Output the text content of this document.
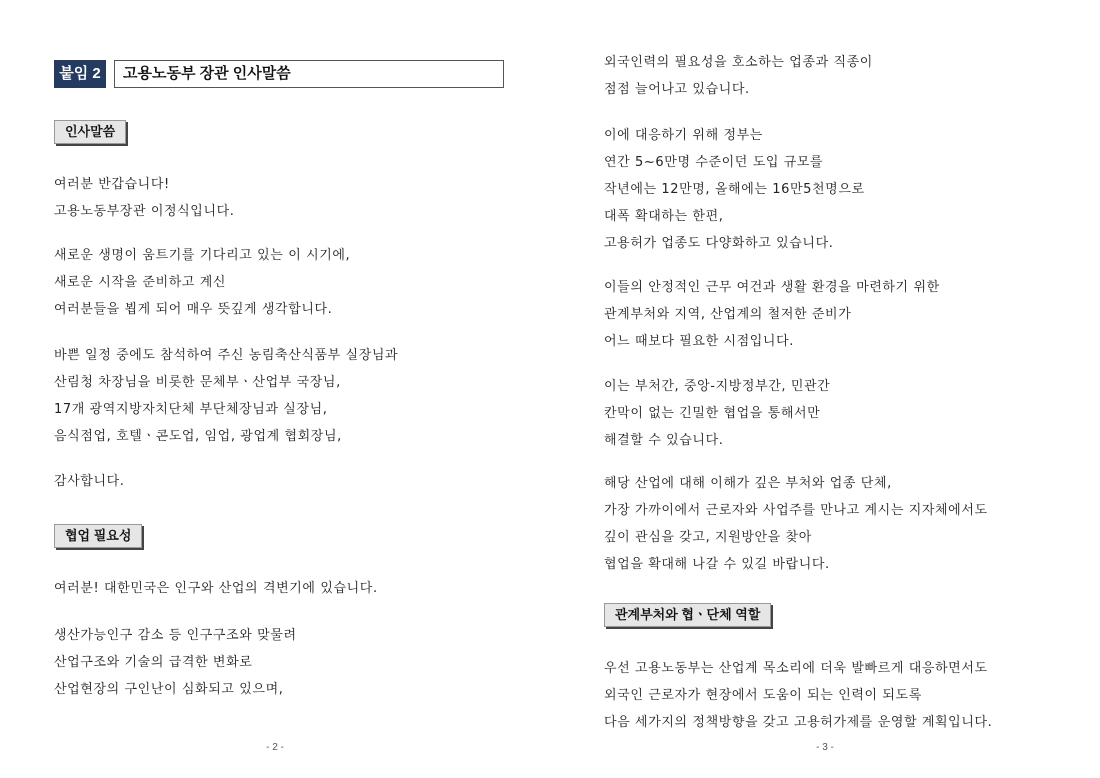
붙임 2	고용노동부 장관 인사말씀
인사말씀
여러분 반갑습니다!
고용노동부장관 이정식입니다.
새로운 생명이 움트기를 기다리고 있는 이 시기에,
새로운 시작을 준비하고 계신
여러분들을 뵙게 되어 매우 뜻깊게 생각합니다.
바쁜 일정 중에도 참석하여 주신 농림축산식품부 실장님과
산림청 차장님을 비롯한 문체부ㆍ산업부 국장님,
17개 광역지방자치단체 부단체장님과 실장님,
음식점업, 호텔ㆍ콘도업, 임업, 광업계 협회장님,
감사합니다.
협업 필요성
여러분! 대한민국은 인구와 산업의 격변기에 있습니다.
생산가능인구 감소 등 인구구조와 맞물려
산업구조와 기술의 급격한 변화로
산업현장의 구인난이 심화되고 있으며,
- 2 -
외국인력의 필요성을 호소하는 업종과 직종이
점점 늘어나고 있습니다.
이에 대응하기 위해 정부는
연간 5~6만명 수준이던 도입 규모를
작년에는 12만명, 올해에는 16만5천명으로
대폭 확대하는 한편,
고용허가 업종도 다양화하고 있습니다.
이들의 안정적인 근무 여건과 생활 환경을 마련하기 위한
관계부처와 지역, 산업계의 철저한 준비가
어느 때보다 필요한 시점입니다.
이는 부처간, 중앙-지방정부간, 민관간
칸막이 없는 긴밀한 협업을 통해서만
해결할 수 있습니다.
해당 산업에 대해 이해가 깊은 부처와 업종 단체,
가장 가까이에서 근로자와 사업주를 만나고 계시는 지자체에서도
깊이 관심을 갖고, 지원방안을 찾아
협업을 확대해 나갈 수 있길 바랍니다.
관계부처와 협ㆍ단체 역할
우선 고용노동부는 산업계 목소리에 더욱 발빠르게 대응하면서도
외국인 근로자가 현장에서 도움이 되는 인력이 되도록
다음 세가지의 정책방향을 갖고 고용허가제를 운영할 계획입니다.
- 3 -
